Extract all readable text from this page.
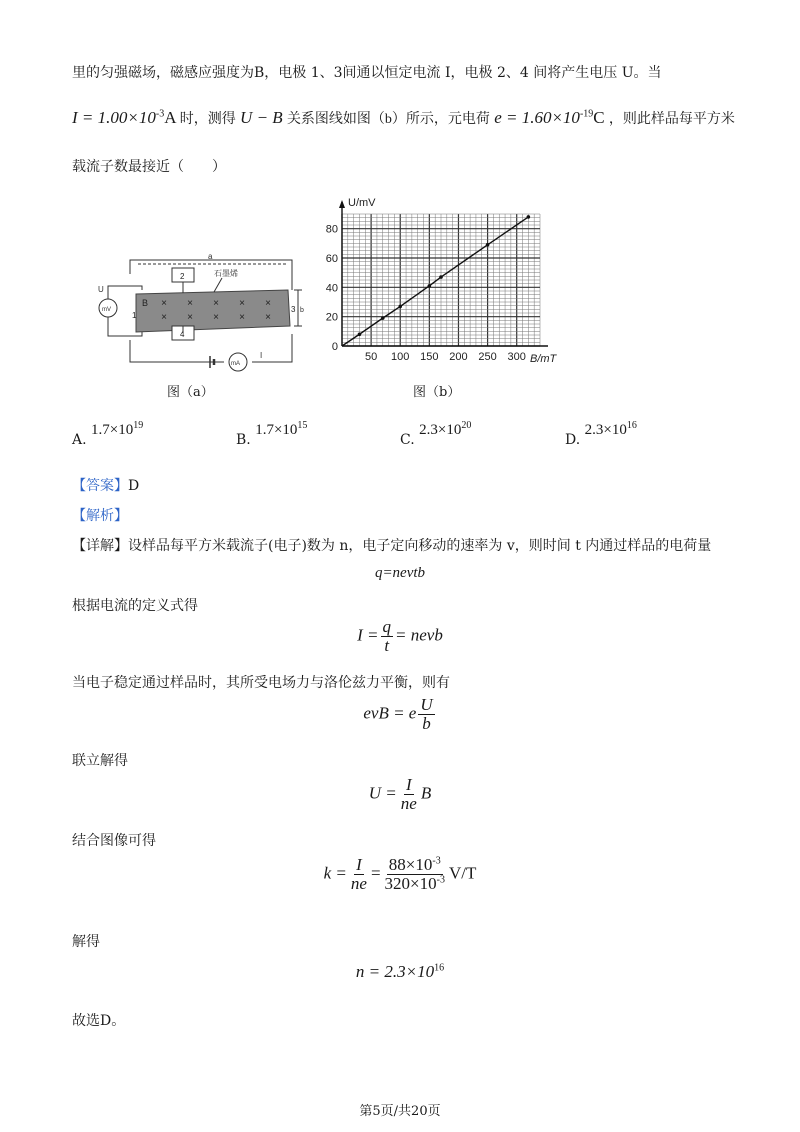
里的匀强磁场，磁感应强度为B，电极 1、3间通以恒定电流 I，电极 2、4 间将产生电压 U。当
$I = 1.00\times 10^{-3}A$ 时，测得 U − B 关系图线如图（b）所示，元电荷 $e = 1.60\times 10^{-19}C$ ，则此样品每平方米
载流子数最接近（　　）
a
石墨烯
U
mV
mA
I
B
b
1
2
3
4
× × × × ×
× × × × ×
图（a）
50 100 150 200 250 300
0
20
40
60
80
U/mV
B/mT
图（b）
A. $1.7\times 10^{19}$
B. $1.7\times 10^{15}$
C. $2.3\times 10^{20}$
D. $2.3\times 10^{16}$
【答案】D
【解析】
【详解】设样品每平方米载流子(电子)数为 n，电子定向移动的速率为 v，则时间 t 内通过样品的电荷量
q=nevtb
根据电流的定义式得
$I = \frac{q}{t}$ = nevb
当电子稳定通过样品时，其所受电场力与洛伦兹力平衡，则有
evB = e $\frac{U}{b}$
联立解得
$U = \frac{I}{ne}$ B
结合图像可得
$k = \frac{I}{ne} = \frac{88\times 10^{-3}}{320\times 10^{-3}} V/T$
解得
$n = 2.3\times 10^{16}$
故选D。
第5页/共20页
